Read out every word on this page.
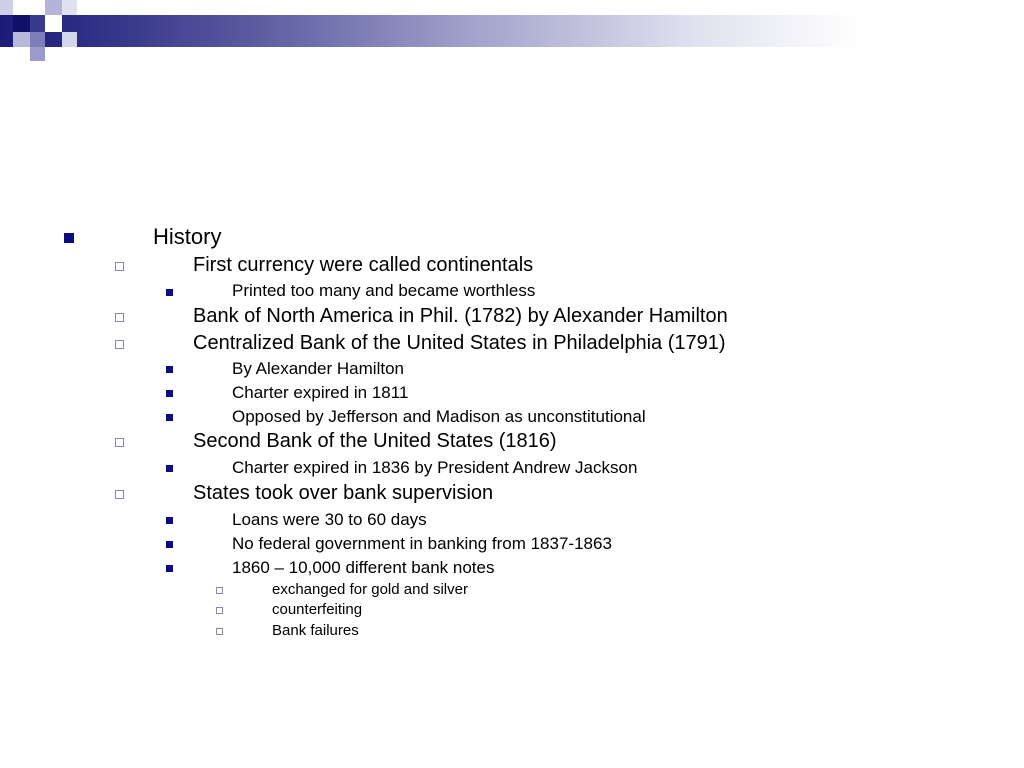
History
First currency were called continentals
Printed too many and became worthless
Bank of North America in Phil. (1782) by Alexander Hamilton
Centralized Bank of the United States in Philadelphia (1791)
By Alexander Hamilton
Charter expired in 1811
Opposed by Jefferson and Madison as unconstitutional
Second Bank of the United States (1816)
Charter expired in 1836 by President Andrew Jackson
States took over bank supervision
Loans were 30 to 60 days
No federal government in banking from 1837-1863
1860 – 10,000 different bank notes
exchanged for gold and silver
counterfeiting
Bank failures
